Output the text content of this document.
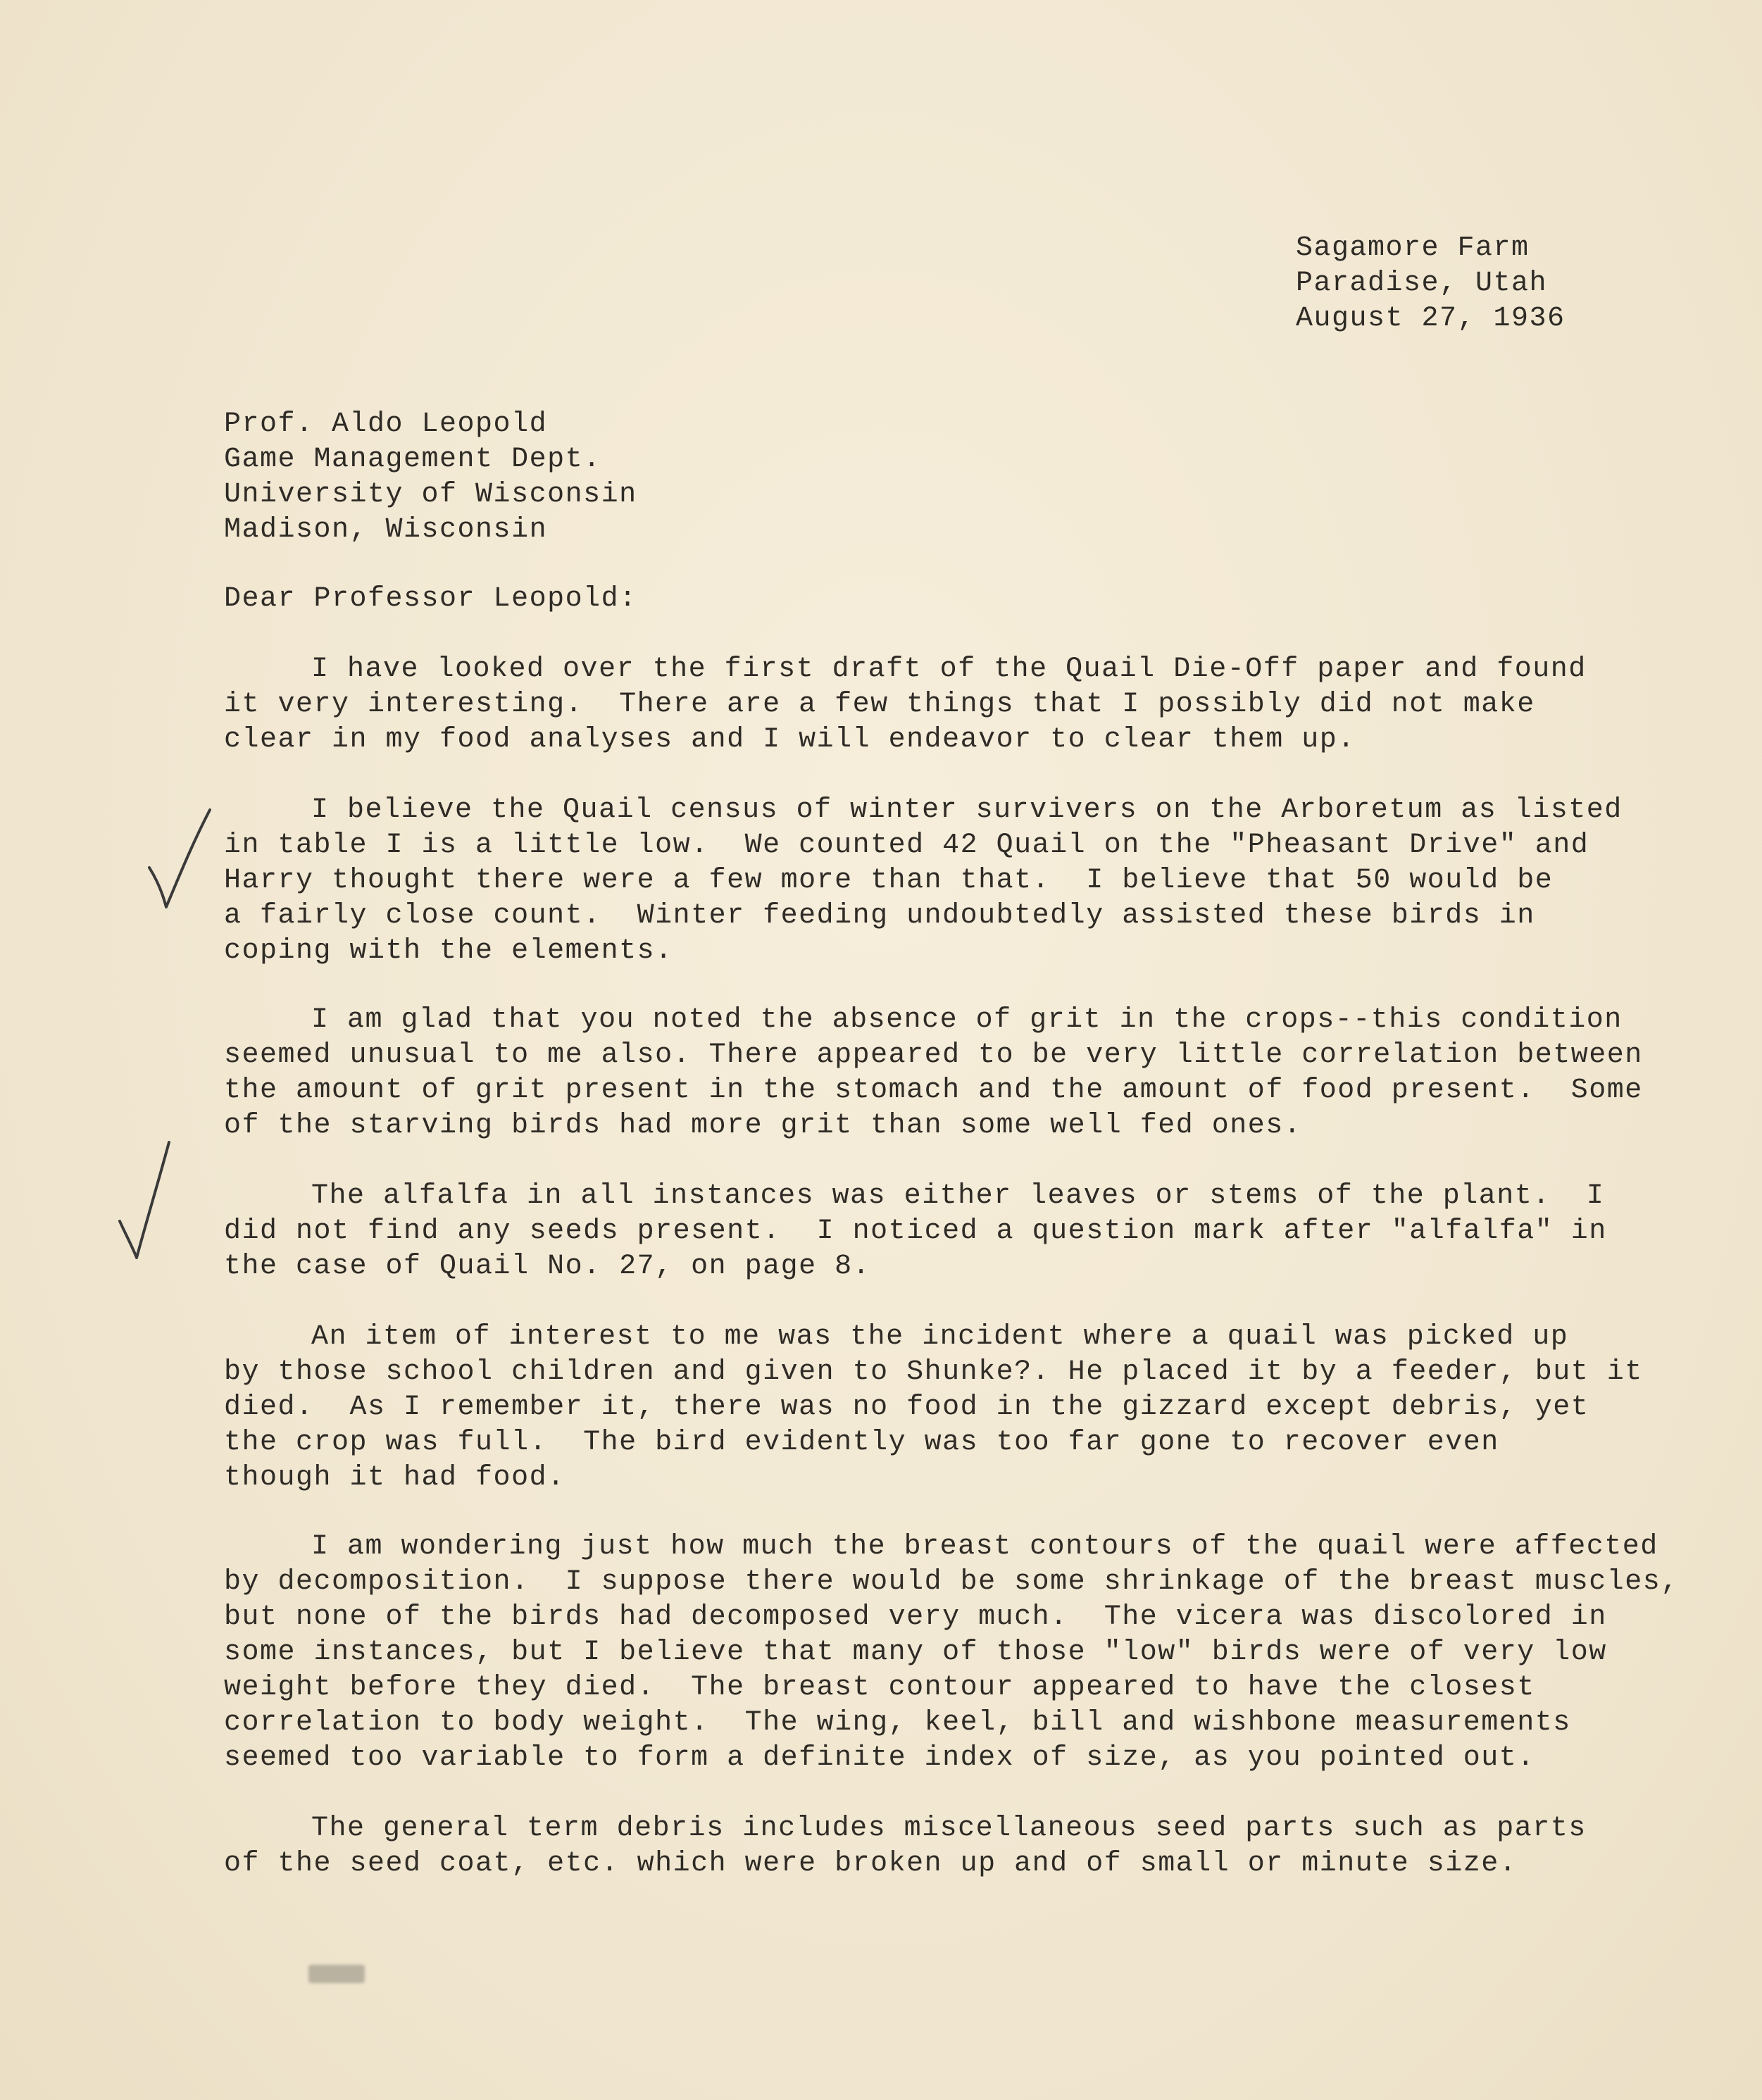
Sagamore Farm
Paradise, Utah
August 27, 1936
Prof. Aldo Leopold
Game Management Dept.
University of Wisconsin
Madison, Wisconsin
Dear Professor Leopold:
I have looked over the first draft of the Quail Die-Off paper and found
it very interesting.  There are a few things that I possibly did not make
clear in my food analyses and I will endeavor to clear them up.
I believe the Quail census of winter survivers on the Arboretum as listed
in table I is a little low.  We counted 42 Quail on the "Pheasant Drive" and
Harry thought there were a few more than that.  I believe that 50 would be
a fairly close count.  Winter feeding undoubtedly assisted these birds in
coping with the elements.
I am glad that you noted the absence of grit in the crops--this condition
seemed unusual to me also. There appeared to be very little correlation between
the amount of grit present in the stomach and the amount of food present.  Some
of the starving birds had more grit than some well fed ones.
The alfalfa in all instances was either leaves or stems of the plant.  I
did not find any seeds present.  I noticed a question mark after "alfalfa" in
the case of Quail No. 27, on page 8.
An item of interest to me was the incident where a quail was picked up
by those school children and given to Shunke?. He placed it by a feeder, but it
died.  As I remember it, there was no food in the gizzard except debris, yet
the crop was full.  The bird evidently was too far gone to recover even
though it had food.
I am wondering just how much the breast contours of the quail were affected
by decomposition.  I suppose there would be some shrinkage of the breast muscles,
but none of the birds had decomposed very much.  The vicera was discolored in
some instances, but I believe that many of those "low" birds were of very low
weight before they died.  The breast contour appeared to have the closest
correlation to body weight.  The wing, keel, bill and wishbone measurements
seemed too variable to form a definite index of size, as you pointed out.
The general term debris includes miscellaneous seed parts such as parts
of the seed coat, etc. which were broken up and of small or minute size.
